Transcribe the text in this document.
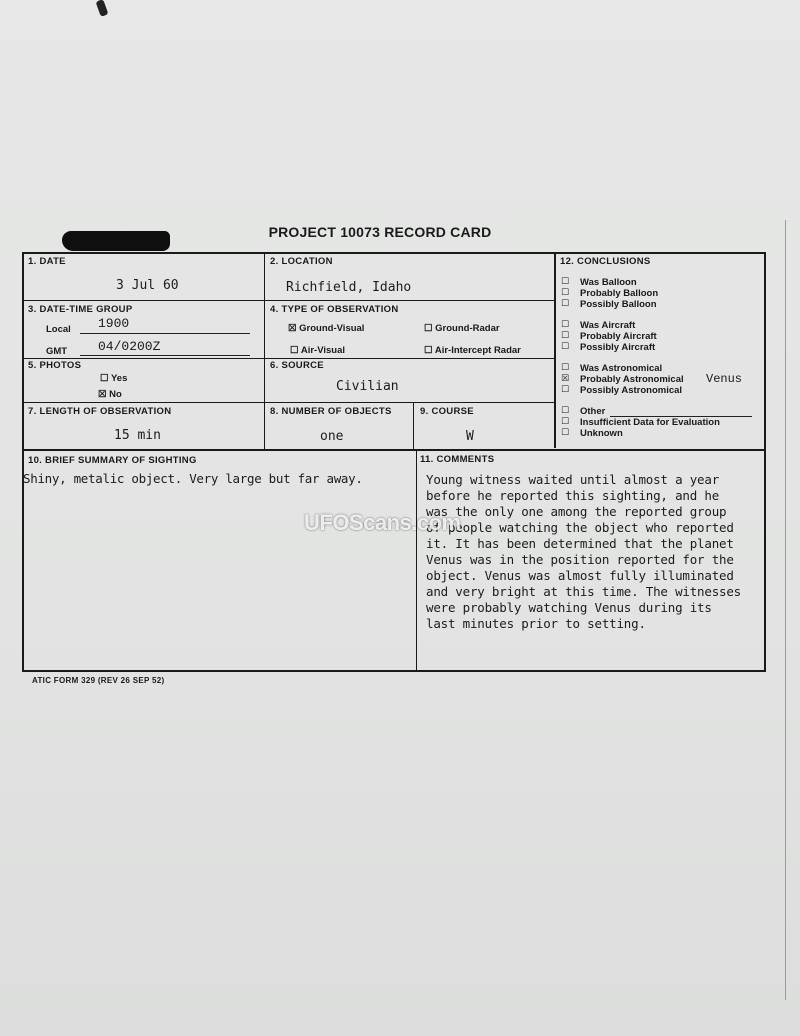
PROJECT 10073 RECORD CARD
1. DATE
3 Jul 60
2. LOCATION
Richfield, Idaho
3. DATE-TIME GROUP
Local 1900
GMT 04/0200Z
4. TYPE OF OBSERVATION
☒ Ground-Visual	☐ Ground-Radar
☐ Air-Visual	☐ Air-Intercept Radar
5. PHOTOS
☐ Yes
☒ No
6. SOURCE
Civilian
7. LENGTH OF OBSERVATION
15 min
8. NUMBER OF OBJECTS
one
9. COURSE
W
10. BRIEF SUMMARY OF SIGHTING
Shiny, metalic object. Very large but far away.
11. COMMENTS
Young witness waited until almost a year
before he reported this sighting, and he
was the only one among the reported group
of people watching the object who reported
it. It has been determined that the planet
Venus was in the position reported for the
object. Venus was almost fully illuminated
and very bright at this time. The witnesses
were probably watching Venus during its
last minutes prior to setting.
12. CONCLUSIONS
☐ Was Balloon
☐ Probably Balloon
☐ Possibly Balloon
☐ Was Aircraft
☐ Probably Aircraft
☐ Possibly Aircraft
☐ Was Astronomical
☒ Probably Astronomical Venus
☐ Possibly Astronomical
☐ Other
☐ Insufficient Data for Evaluation
☐ Unknown
UFOScans.com
ATIC FORM 329 (REV 26 SEP 52)
